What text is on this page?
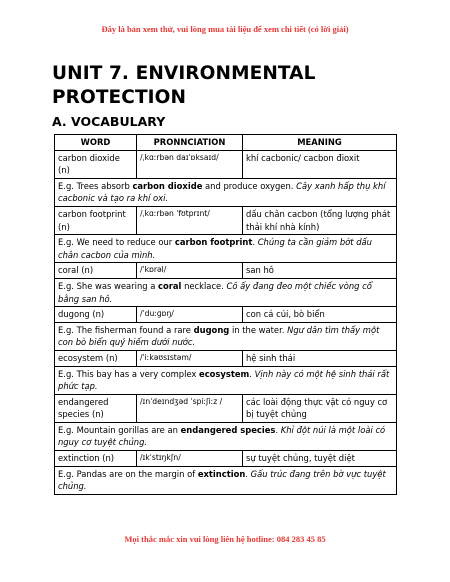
Đây là bản xem thử, vui lòng mua tài liệu để xem chi tiết (có lời giải)
UNIT 7. ENVIRONMENTAL PROTECTION
A. VOCABULARY
WORD	PRONNCIATION	MEANING
carbon dioxide (n)	/ˌkɑːrbən daɪˈɒksaɪd/	khí cacbonic/ cacbon đioxit
E.g. Trees absorb carbon dioxide and produce oxygen. Cây xanh hấp thụ khí cacbonic và tạo ra khí oxi.		
carbon footprint (n)	/ˌkɑːrbən ˈfʊtprɪnt/	dấu chân cacbon (tổng lượng phát thải khí nhà kính)
E.g. We need to reduce our carbon footprint. Chúng ta cần giảm bớt dấu chân cacbon của mình.		
coral (n)	/ˈkɒrəl/	san hô
E.g. She was wearing a coral necklace. Cô ấy đang đeo một chiếc vòng cổ bằng san hô.		
dugong (n)	/ˈduːɡɒŋ/	con cá cúi, bò biển
E.g. The fisherman found a rare dugong in the water. Ngư dân tìm thấy một con bò biển quý hiếm dưới nước.		
ecosystem (n)	/ˈiːkəʊsɪstəm/	hệ sinh thái
E.g. This bay has a very complex ecosystem. Vịnh này có một hệ sinh thái rất phức tạp.		
endangered species (n)	/ɪnˈdeɪndʒəd ˈspiːʃiːz /	các loài động thực vật có nguy cơ bị tuyệt chủng
E.g. Mountain gorillas are an endangered species. Khỉ đột núi là một loài có nguy cơ tuyệt chủng.		
extinction (n)	/ɪkˈstɪŋkʃn/	sự tuyệt chủng, tuyệt diệt
E.g. Pandas are on the margin of extinction. Gấu trúc đang trên bờ vực tuyệt chủng.		
Mọi thắc mắc xin vui lòng liên hệ hotline: 084 283 45 85
